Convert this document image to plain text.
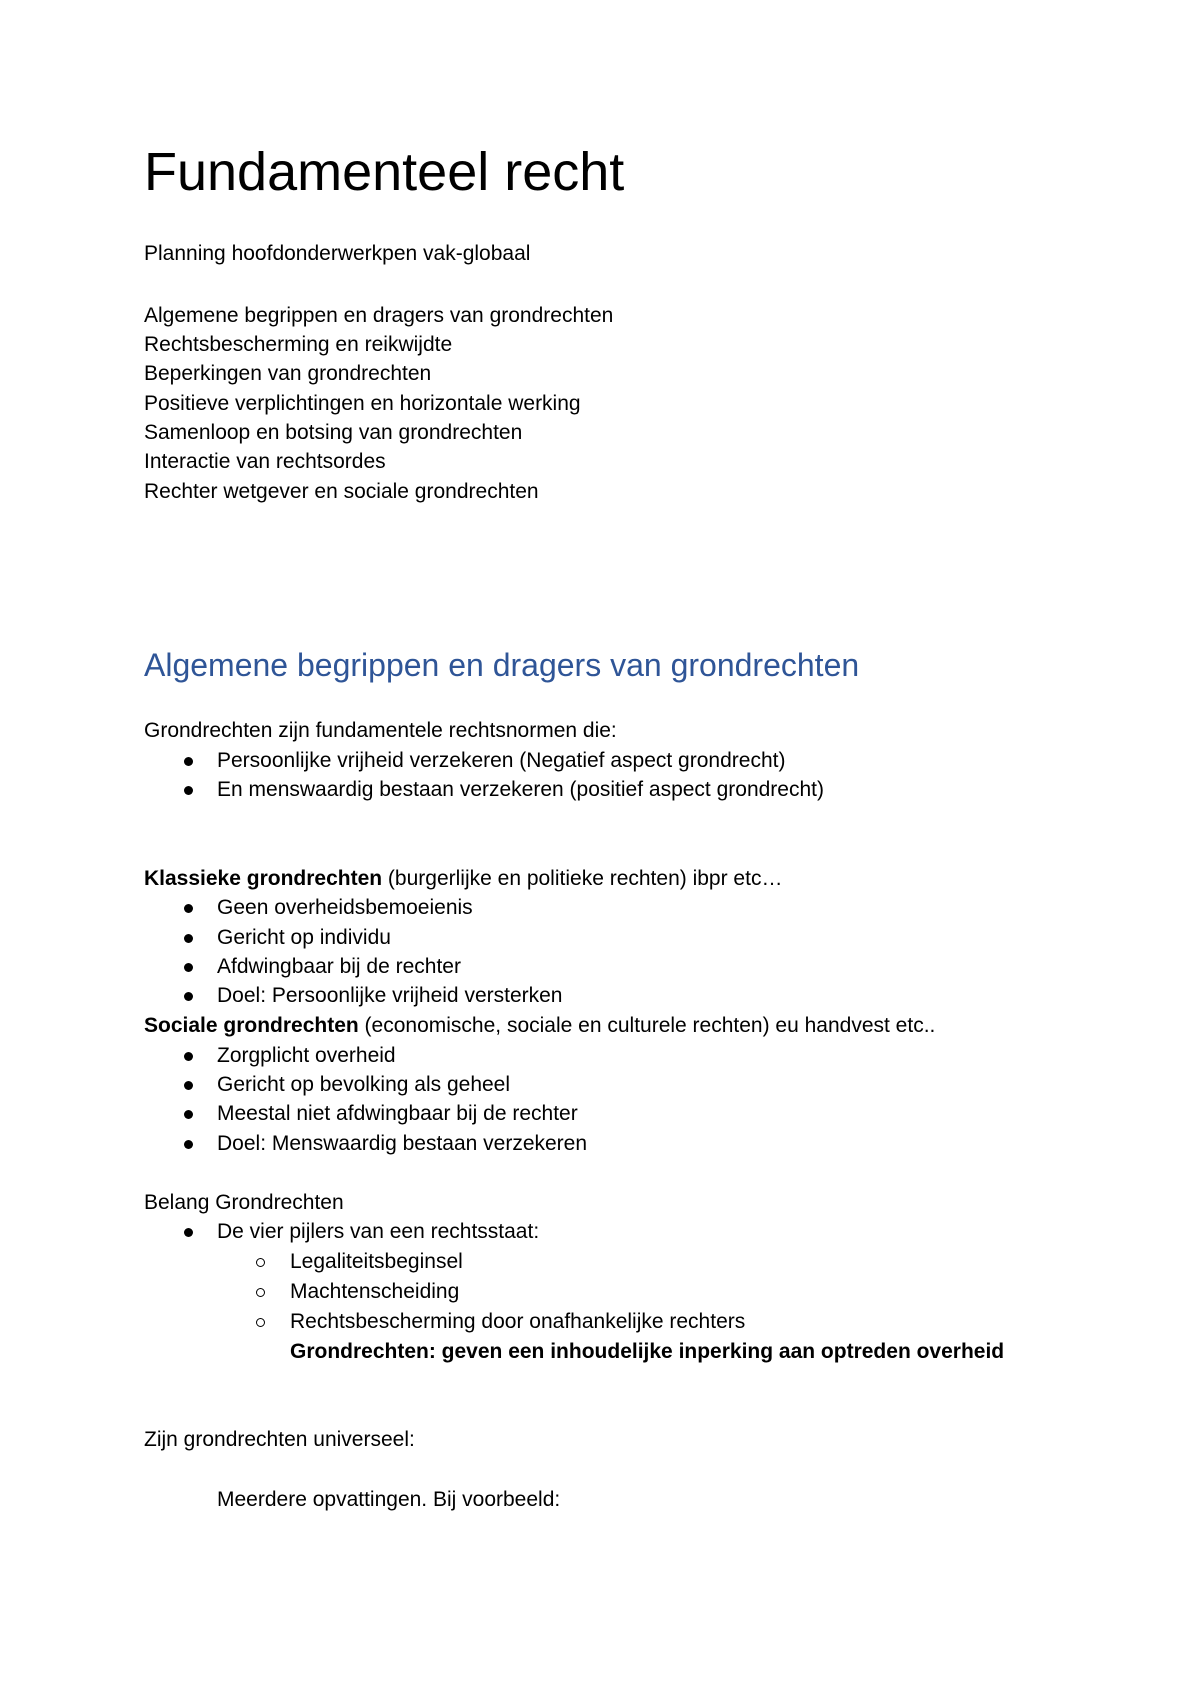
Fundamenteel recht
Planning hoofdonderwerkpen vak-globaal
Algemene begrippen en dragers van grondrechten
Rechtsbescherming en reikwijdte
Beperkingen van grondrechten
Positieve verplichtingen en horizontale werking
Samenloop en botsing van grondrechten
Interactie van rechtsordes
Rechter wetgever en sociale grondrechten
Algemene begrippen en dragers van grondrechten
Grondrechten zijn fundamentele rechtsnormen die:
Persoonlijke vrijheid verzekeren (Negatief aspect grondrecht)
En menswaardig bestaan verzekeren (positief aspect grondrecht)
Klassieke grondrechten (burgerlijke en politieke rechten) ibpr etc…
Geen overheidsbemoeienis
Gericht op individu
Afdwingbaar bij de rechter
Doel: Persoonlijke vrijheid versterken
Sociale grondrechten (economische, sociale en culturele rechten) eu handvest etc..
Zorgplicht overheid
Gericht op bevolking als geheel
Meestal niet afdwingbaar bij de rechter
Doel: Menswaardig bestaan verzekeren
Belang Grondrechten
De vier pijlers van een rechtsstaat:
Legaliteitsbeginsel
Machtenscheiding
Rechtsbescherming door onafhankelijke rechters
Grondrechten: geven een inhoudelijke inperking aan optreden overheid
Zijn grondrechten universeel:
Meerdere opvattingen. Bij voorbeeld:
